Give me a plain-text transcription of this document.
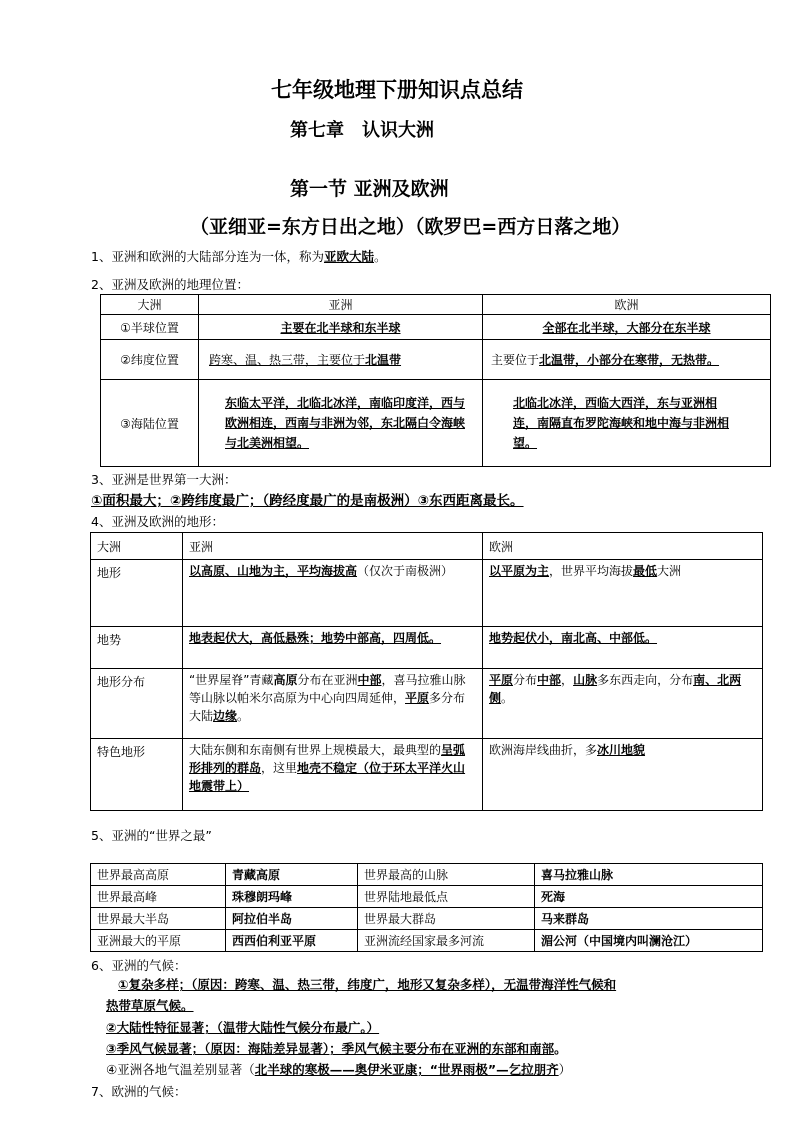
七年级地理下册知识点总结
第七章　认识大洲
第一节 亚洲及欧洲
（亚细亚=东方日出之地）（欧罗巴=西方日落之地）
1、亚洲和欧洲的大陆部分连为一体，称为亚欧大陆。
2、亚洲及欧洲的地理位置：
大洲	亚洲	欧洲
①半球位置	主要在北半球和东半球	全部在北半球，大部分在东半球
②纬度位置	跨寒、温、热三带，主要位于北温带	主要位于北温带，小部分在寒带，无热带。
③海陆位置	东临太平洋，北临北冰洋，南临印度洋，西与欧洲相连，西南与非洲为邻，东北隔白令海峡与北美洲相望。	北临北冰洋，西临大西洋，东与亚洲相连，南隔直布罗陀海峡和地中海与非洲相望。
3、亚洲是世界第一大洲：
①面积最大；②跨纬度最广；（跨经度最广的是南极洲）③东西距离最长。
4、亚洲及欧洲的地形：
大洲	亚洲	欧洲
地形	以高原、山地为主，平均海拔高（仅次于南极洲）	以平原为主，世界平均海拔最低大洲
地势	地表起伏大，高低悬殊；地势中部高，四周低。	地势起伏小，南北高、中部低。
地形分布	“世界屋脊”青藏高原分布在亚洲中部，喜马拉雅山脉等山脉以帕米尔高原为中心向四周延伸，平原多分布大陆边缘。	平原分布中部，山脉多东西走向，分布南、北两侧。
特色地形	大陆东侧和东南侧有世界上规模最大，最典型的呈弧形排列的群岛，这里地壳不稳定（位于环太平洋火山地震带上）	欧洲海岸线曲折，多冰川地貌
5、亚洲的“世界之最”
世界最高高原	青藏高原	世界最高的山脉	喜马拉雅山脉
世界最高峰	珠穆朗玛峰	世界陆地最低点	死海
世界最大半岛	阿拉伯半岛	世界最大群岛	马来群岛
亚洲最大的平原	西西伯利亚平原	亚洲流经国家最多河流	湄公河（中国境内叫澜沧江）
6、亚洲的气候：
①复杂多样；（原因：跨寒、温、热三带，纬度广，地形又复杂多样），无温带海洋性气候和
热带草原气候。
②大陆性特征显著；（温带大陆性气候分布最广。）
③季风气候显著；（原因：海陆差异显著）；季风气候主要分布在亚洲的东部和南部。
④亚洲各地气温差别显著（北半球的寒极——奥伊米亚康；“世界雨极”—乞拉朋齐）
7、欧洲的气候：
